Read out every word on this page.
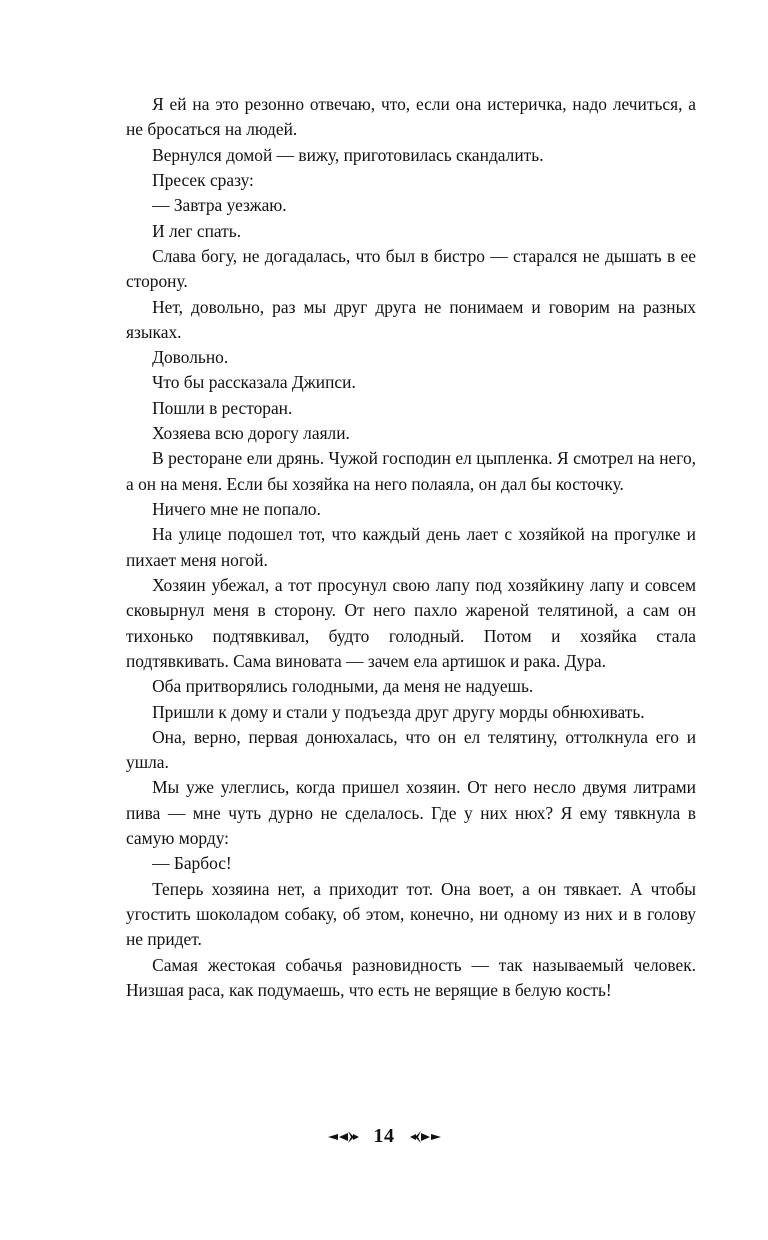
Я ей на это резонно отвечаю, что, если она истеричка, надо лечиться, а не бросаться на людей.

Вернулся домой — вижу, приготовилась скандалить.

Пресек сразу:

— Завтра уезжаю.

И лег спать.

Слава богу, не догадалась, что был в бистро — старался не дышать в ее сторону.

Нет, довольно, раз мы друг друга не понимаем и говорим на разных языках.

Довольно.

Что бы рассказала Джипси.

Пошли в ресторан.

Хозяева всю дорогу лаяли.

В ресторане ели дрянь. Чужой господин ел цыпленка. Я смотрел на него, а он на меня. Если бы хозяйка на него полаяла, он дал бы косточку.

Ничего мне не попало.

На улице подошел тот, что каждый день лает с хозяйкой на прогулке и пихает меня ногой.

Хозяин убежал, а тот просунул свою лапу под хозяйкину лапу и совсем сковырнул меня в сторону. От него пахло жареной телятиной, а сам он тихонько подтявкивал, будто голодный. Потом и хозяйка стала подтявкивать. Сама виновата — зачем ела артишок и рака. Дура.

Оба притворялись голодными, да меня не надуешь.

Пришли к дому и стали у подъезда друг другу морды обнюхивать.

Она, верно, первая донюхалась, что он ел телятину, оттолкнула его и ушла.

Мы уже улеглись, когда пришел хозяин. От него несло двумя литрами пива — мне чуть дурно не сделалось. Где у них нюх? Я ему тявкнула в самую морду:

— Барбос!

Теперь хозяина нет, а приходит тот. Она воет, а он тявкает. А чтобы угостить шоколадом собаку, об этом, конечно, ни одному из них и в голову не придет.

Самая жестокая собачья разновидность — так называемый человек. Низшая раса, как подумаешь, что есть не верящие в белую кость!

14
